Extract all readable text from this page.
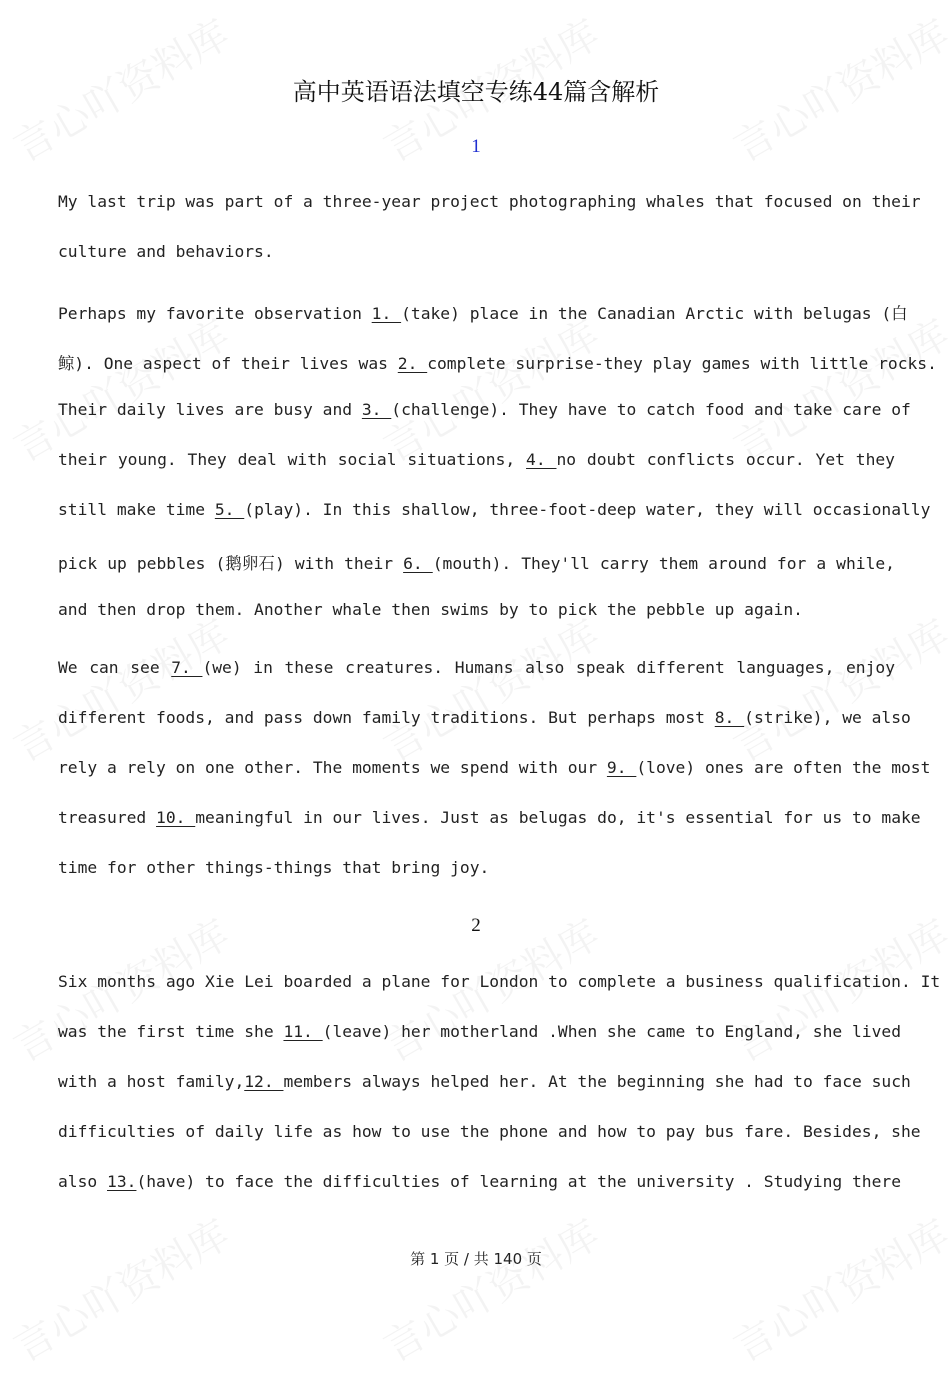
高中英语语法填空专练44篇含解析
1
My last trip was part of a three-year project photographing whales that focused on their
culture and behaviors.
Perhaps my favorite observation 1. (take) place in the Canadian Arctic with belugas (白
鲸). One aspect of their lives was 2. complete surprise-they play games with little rocks.
Their daily lives are busy and 3. (challenge). They have to catch food and take care of
their young. They deal with social situations, 4. no doubt conflicts occur. Yet they
still make time 5. (play). In this shallow, three-foot-deep water, they will occasionally
pick up pebbles (鹅卵石) with their 6. (mouth). They'll carry them around for a while,
and then drop them. Another whale then swims by to pick the pebble up again.
We can see 7. (we) in these creatures. Humans also speak different languages, enjoy
different foods, and pass down family traditions. But perhaps most 8. (strike), we also
rely a rely on one other. The moments we spend with our 9. (love) ones are often the most
treasured 10. meaningful in our lives. Just as belugas do, it's essential for us to make
time for other things-things that bring joy.
2
Six months ago Xie Lei boarded a plane for London to complete a business qualification. It
was the first time she 11. (leave) her motherland .When she came to England, she lived
with a host family,12. members always helped her. At the beginning she had to face such
difficulties of daily life as how to use the phone and how to pay bus fare. Besides, she
also 13.(have) to face the difficulties of learning at the university . Studying there
第 1 页 / 共 140 页
